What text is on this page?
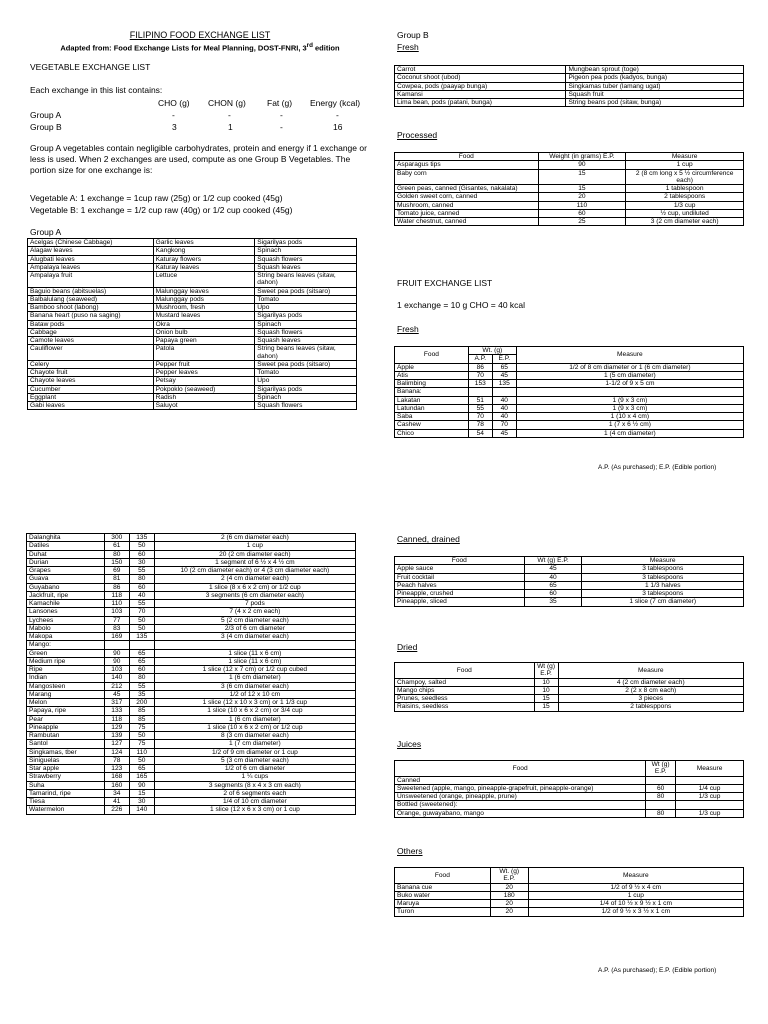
FILIPINO FOOD EXCHANGE LIST
Adapted from: Food Exchange Lists for Meal Planning, DOST-FNRI, 3rd edition
VEGETABLE EXCHANGE LIST
Each exchange in this list contains:
CHO (g) CHON (g) Fat (g) Energy (kcal)
Group A	-	-	-	-
Group B	3	1	-	16
Group A vegetables contain negligible carbohydrates, protein and energy if 1 exchange or less is used. When 2 exchanges are used, compute as one Group B Vegetables. The portion size for one exchange is:
Vegetable A: 1 exchange = 1cup raw (25g) or 1/2 cup cooked (45g)
Vegetable B: 1 exchange = 1/2 cup raw (40g) or 1/2 cup cooked (45g)
Group A
Acelgas (Chinese Cabbage)	Garlic leaves	Sigarilyas pods
Alagaw leaves	Kangkong	Spinach
Alugbati leaves	Katuray flowers	Squash flowers
Ampalaya leaves	Katuray leaves	Squash leaves
Ampalaya fruit	Lettuce	String beans leaves (sitaw, dahon)
Baguio beans (abitsuelas)	Malunggay leaves	Sweet pea pods (sitsaro)
Balbalulang (seaweed)	Malunggay pods	Tomato
Bamboo shoot (labong)	Mushroom, fresh	Upo
Banana heart (puso na saging)	Mustard leaves	Sigarilyas pods
Bataw pods	Okra	Spinach
Cabbage	Onion bulb	Squash flowers
Camote leaves	Papaya green	Squash leaves
Cauliflower	Patola	String beans leaves (sitaw, dahon)
Celery	Pepper fruit	Sweet pea pods (sitsaro)
Chayote fruit	Pepper leaves	Tomato
Chayote leaves	Petsay	Upo
Cucumber	Pokpoklo (seaweed)	Sigarilyas pods
Eggplant	Radish	Spinach
Gabi leaves	Saluyot	Squash flowers
Group B
Fresh
Carrot	Mungbean sprout (toge)
Coconut shoot (ubod)	Pigeon pea pods (kadyos, bunga)
Cowpea, pods (paayap bunga)	Singkamas tuber (lamang ugat)
Kamansi	Squash fruit
Lima bean, pods (patani, bunga)	String beans pod (sitaw, bunga)
Processed
Food	Weight (in grams) E.P.	Measure
Asparagus tips	90	1 cup
Baby corn	15	2 (8 cm long x 5 ½ circumference each)
Green peas, canned (Gisantes, nakalata)	15	1 tablespoon
Golden sweet corn, canned	20	2 tablespoons
Mushroom, canned	110	1/3 cup
Tomato juice, canned	60	½ cup, undiluted
Water chestnut, canned	25	3 (2 cm diameter each)
FRUIT EXCHANGE LIST
1 exchange = 10 g CHO = 40 kcal
Fresh
Food	Wt. (g)		Measure
	A.P.	E.P.	
Apple	86	65	1/2 of 8 cm diameter or 1 (6 cm diameter)
Atis	70	45	1 (5 cm diameter)
Balimbing	153	135	1-1/2 of 9 x 5 cm
Banana:			
Lakatan	51	40	1 (9 x 3 cm)
Latundan	55	40	1 (9 x 3 cm)
Saba	70	40	1 (10 x 4 cm)
Cashew	78	70	1 (7 x 6 ½ cm)
Chico	54	45	1 (4 cm diameter)
A.P. (As purchased); E.P. (Edible portion)
Dalanghita	300	135	2 (6 cm diameter each)
Datiles	61	50	1 cup
Duhat	80	60	20 (2 cm diameter each)
Durian	150	30	1 segment of 6 ½ x 4 ½ cm
Grapes	69	55	10 (2 cm diameter each) or 4 (3 cm diameter each)
Guava	81	80	2 (4 cm diameter each)
Guyabano	86	60	1 slice (8 x 6 x 2 cm) or 1/2 cup
Jackfruit, ripe	118	40	3 segments (6 cm diameter each)
Kamachile	110	55	7 pods
Lansones	103	70	7 (4 x 2 cm each)
Lychees	77	50	5 (2 cm diameter each)
Mabolo	83	50	2/3 of 6 cm diameter
Makopa	169	135	3 (4 cm diameter each)
Mango:			
Green	90	65	1 slice (11 x 6 cm)
Medium ripe	90	65	1 slice (11 x 6 cm)
Ripe	103	60	1 slice (12 x 7 cm) or 1/2 cup cubed
Indian	140	80	1 (6 cm diameter)
Mangosteen	212	55	3 (6 cm diameter each)
Marang	45	35	1/2 of 12 x 10 cm
Melon	317	200	1 slice (12 x 10 x 3 cm) or 1 1/3 cup
Papaya, ripe	133	85	1 slice (10 x 6 x 2 cm) or 3/4 cup
Pear	118	85	1 (6 cm diameter)
Pineapple	129	75	1 slice (10 x 6 x 2 cm) or 1/2 cup
Rambutan	139	50	8 (3 cm diameter each)
Santol	127	75	1 (7 cm diameter)
Singkamas, tber	124	110	1/2 of 9 cm diameter or 1 cup
Siniguelas	78	50	5 (3 cm diameter each)
Star apple	123	65	1/2 of 6 cm diameter
Strawberry	168	165	1 ¼ cups
Suha	160	90	3 segments (8 x 4 x 3 cm each)
Tamarind, ripe	34	15	2 of 6 segments each
Tiesa	41	30	1/4 of 10 cm diameter
Watermelon	226	140	1 slice (12 x 6 x 3 cm) or 1 cup
Canned, drained
Food	Wt (g) E.P.	Measure
Apple sauce	45	3 tablespoons
Fruit cocktail	40	3 tablespoons
Peach halves	65	1 1/3 halves
Pineapple, crushed	60	3 tablespoons
Pineapple, sliced	35	1 slice (7 cm diameter)
Dried
Food	Wt (g) E.P.	Measure
Champoy, salted	10	4 (2 cm diameter each)
Mango chips	10	2 (2 x 8 cm each)
Prunes, seedless	15	3 pieces
Raisins, seedless	15	2 tablesppons
Juices
Food	Wt (g) E.P.	Measure
Canned		
Sweetened (apple, mango, pineapple-grapefruit, pineapple-orange)	60	1/4 cup
Unsweetened (orange, pineapple, prune)	80	1/3 cup
Bottled (sweetened):		
Orange, guwayabano, mango	80	1/3 cup
Others
Food	Wt. (g) E.P.	Measure
Banana cue	20	1/2 of 9 ½ x 4 cm
Buko water	180	1 cup
Maruya	20	1/4 of 10 ½ x 9 ½ x 1 cm
Turon	20	1/2 of 9 ½ x 3 ½ x 1 cm
A.P. (As purchased); E.P. (Edible portion)
